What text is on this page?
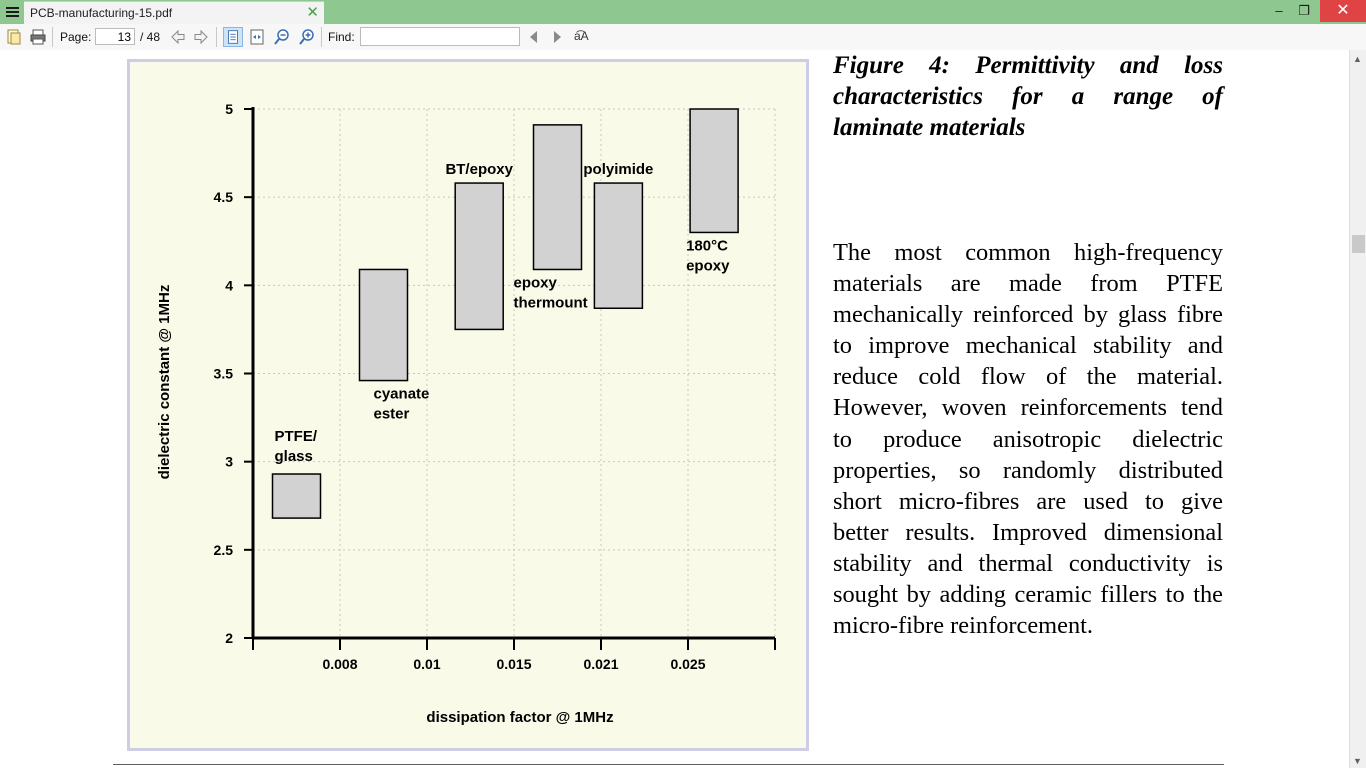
PCB-manufacturing-15.pdf	✕	–	❐	✕
Page:
13	/ 48	Find:	a͡A
2
2.5
3
3.5
4
4.5
5
0.008	0.01	0.015	0.021	0.025
dissipation factor @ 1MHz
dielectric constant @ 1MHz	PTFE/
glass
cyanate
ester
BT/epoxy
epoxy
thermount
polyimide
180°C
epoxy
Figure 4: Permittivity and loss characteristics for a range of laminate materials
The most common high-frequency materials are made from PTFE mechanically reinforced by glass fibre to improve mechanical stability and reduce cold flow of the material. However, woven reinforcements tend to produce anisotropic dielectric properties, so randomly distributed short micro-fibres are used to give better results. Improved dimensional stability and thermal conductivity is sought by adding ceramic fillers to the micro-fibre reinforcement.
▲
▼
